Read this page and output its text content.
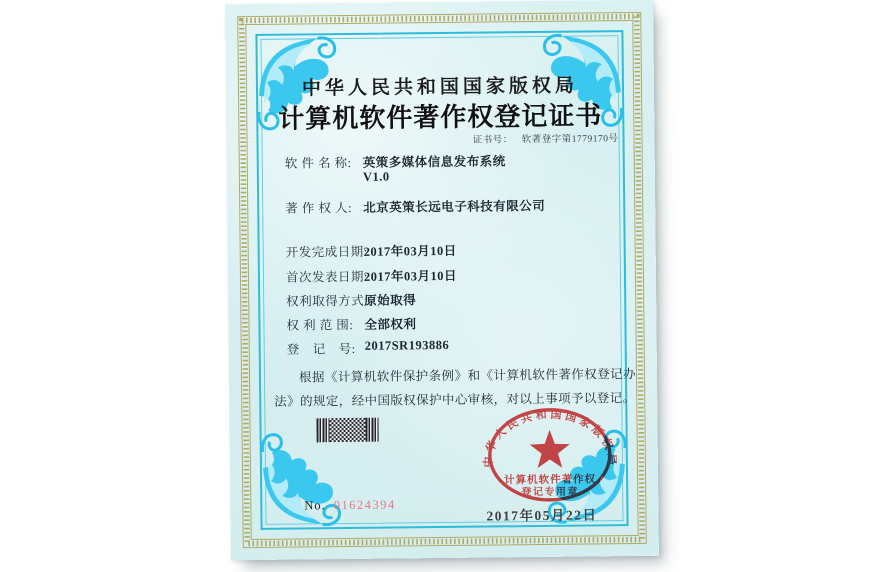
中华人民共和国国家版权局
计算机软件著作权登记证书
证书号： 软著登字第1779170号
软 件 名 称: 英策多媒体信息发布系统
V1.0
著 作 权 人: 北京英策长远电子科技有限公司
开发完成日期:
2017年03月10日
首次发表日期:
2017年03月10日
权利取得方式:
原始取得
权 利 范 围: 全部权利
登　记　号: 2017SR193886
根据《计算机软件保护条例》和《计算机软件著作权登记办法》的规定，经中国版权保护中心审核，对以上事项予以登记。
No. 01624394
2017年05月22日
中华人民共和国国家版权局
计算机软件著作权
登记专用章
